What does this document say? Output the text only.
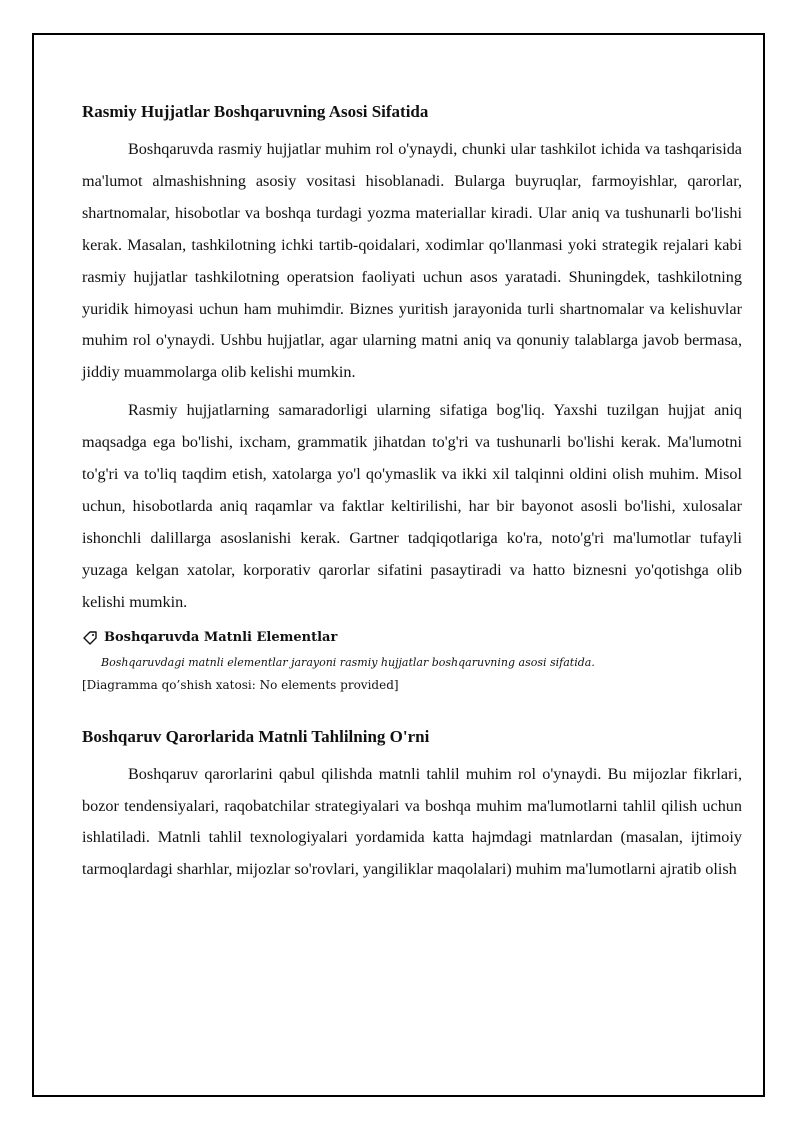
Rasmiy Hujjatlar Boshqaruvning Asosi Sifatida

Boshqaruvda rasmiy hujjatlar muhim rol o'ynaydi, chunki ular tashkilot ichida va tashqarisida ma'lumot almashishning asosiy vositasi hisoblanadi. Bularga buyruqlar, farmoyishlar, qarorlar, shartnomalar, hisobotlar va boshqa turdagi yozma materiallar kiradi. Ular aniq va tushunarli bo'lishi kerak. Masalan, tashkilotning ichki tartib-qoidalari, xodimlar qo'llanmasi yoki strategik rejalari kabi rasmiy hujjatlar tashkilotning operatsion faoliyati uchun asos yaratadi. Shuningdek, tashkilotning yuridik himoyasi uchun ham muhimdir. Biznes yuritish jarayonida turli shartnomalar va kelishuvlar muhim rol o'ynaydi. Ushbu hujjatlar, agar ularning matni aniq va qonuniy talablarga javob bermasa, jiddiy muammolarga olib kelishi mumkin.

Rasmiy hujjatlarning samaradorligi ularning sifatiga bog'liq. Yaxshi tuzilgan hujjat aniq maqsadga ega bo'lishi, ixcham, grammatik jihatdan to'g'ri va tushunarli bo'lishi kerak. Ma'lumotni to'g'ri va to'liq taqdim etish, xatolarga yo'l qo'ymaslik va ikki xil talqinni oldini olish muhim. Misol uchun, hisobotlarda aniq raqamlar va faktlar keltirilishi, har bir bayonot asosli bo'lishi, xulosalar ishonchli dalillarga asoslanishi kerak. Gartner tadqiqotlariga ko'ra, noto'g'ri ma'lumotlar tufayli yuzaga kelgan xatolar, korporativ qarorlar sifatini pasaytiradi va hatto biznesni yo'qotishga olib kelishi mumkin.

Boshqaruvda Matnli Elementlar

Boshqaruvdagi matnli elementlar jarayoni rasmiy hujjatlar boshqaruvning asosi sifatida.

[Diagramma qo’shish xatosi: No elements provided]

Boshqaruv Qarorlarida Matnli Tahlilning O'rni

Boshqaruv qarorlarini qabul qilishda matnli tahlil muhim rol o'ynaydi. Bu mijozlar fikrlari, bozor tendensiyalari, raqobatchilar strategiyalari va boshqa muhim ma'lumotlarni tahlil qilish uchun ishlatiladi. Matnli tahlil texnologiyalari yordamida katta hajmdagi matnlardan (masalan, ijtimoiy tarmoqlardagi sharhlar, mijozlar so'rovlari, yangiliklar maqolalari) muhim ma'lumotlarni ajratib olish
